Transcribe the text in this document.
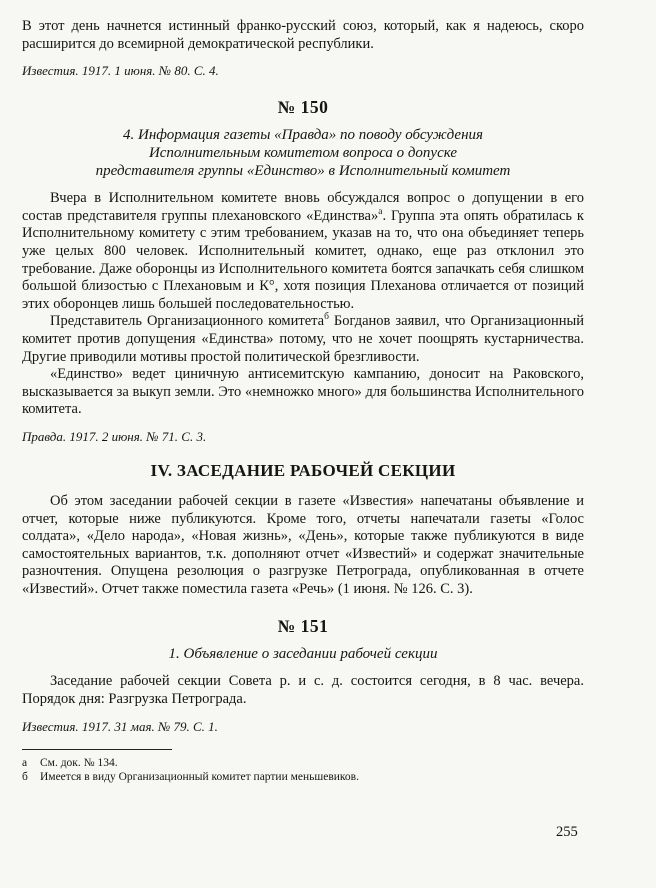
В этот день начнется истинный франко-русский союз, который, как я надеюсь, скоро расширится до всемирной демократической республики.

Известия. 1917. 1 июня. № 80. С. 4.

№ 150
4. Информация газеты «Правда» по поводу обсуждения
Исполнительным комитетом вопроса о допуске
представителя группы «Единство» в Исполнительный комитет

Вчера в Исполнительном комитете вновь обсуждался вопрос о допущении в его состав представителя группы плехановского «Единства»$^а$. Группа эта опять обратилась к Исполнительному комитету с этим требованием, указав на то, что она объединяет теперь уже целых 800 человек. Исполнительный комитет, однако, еще раз отклонил это требование. Даже оборонцы из Исполнительного комитета боятся запачкать себя слишком большой близостью с Плехановым и К°, хотя позиция Плеханова отличается от позиций этих оборонцев лишь большей последовательностью.

Представитель Организационного комитета$^б$ Богданов заявил, что Организационный комитет против допущения «Единства» потому, что не хочет поощрять кустарничества. Другие приводили мотивы простой политической брезгливости.

«Единство» ведет циничную антисемитскую кампанию, доносит на Раковского, высказывается за выкуп земли. Это «немножко много» для большинства Исполнительного комитета.

Правда. 1917. 2 июня. № 71. С. 3.

IV. ЗАСЕДАНИЕ РАБОЧЕЙ СЕКЦИИ

Об этом заседании рабочей секции в газете «Известия» напечатаны объявление и отчет, которые ниже публикуются. Кроме того, отчеты напечатали газеты «Голос солдата», «Дело народа», «Новая жизнь», «День», которые также публикуются в виде самостоятельных вариантов, т.к. дополняют отчет «Известий» и содержат значительные разночтения. Опущена резолюция о разгрузке Петрограда, опубликованная в отчете «Известий». Отчет также поместила газета «Речь» (1 июня. № 126. С. 3).

№ 151
1. Объявление о заседании рабочей секции

Заседание рабочей секции Совета р. и с. д. состоится сегодня, в 8 час. вечера. Порядок дня: Разгрузка Петрограда.

Известия. 1917. 31 мая. № 79. С. 1.

а См. док. № 134.

б Имеется в виду Организационный комитет партии меньшевиков.

255
